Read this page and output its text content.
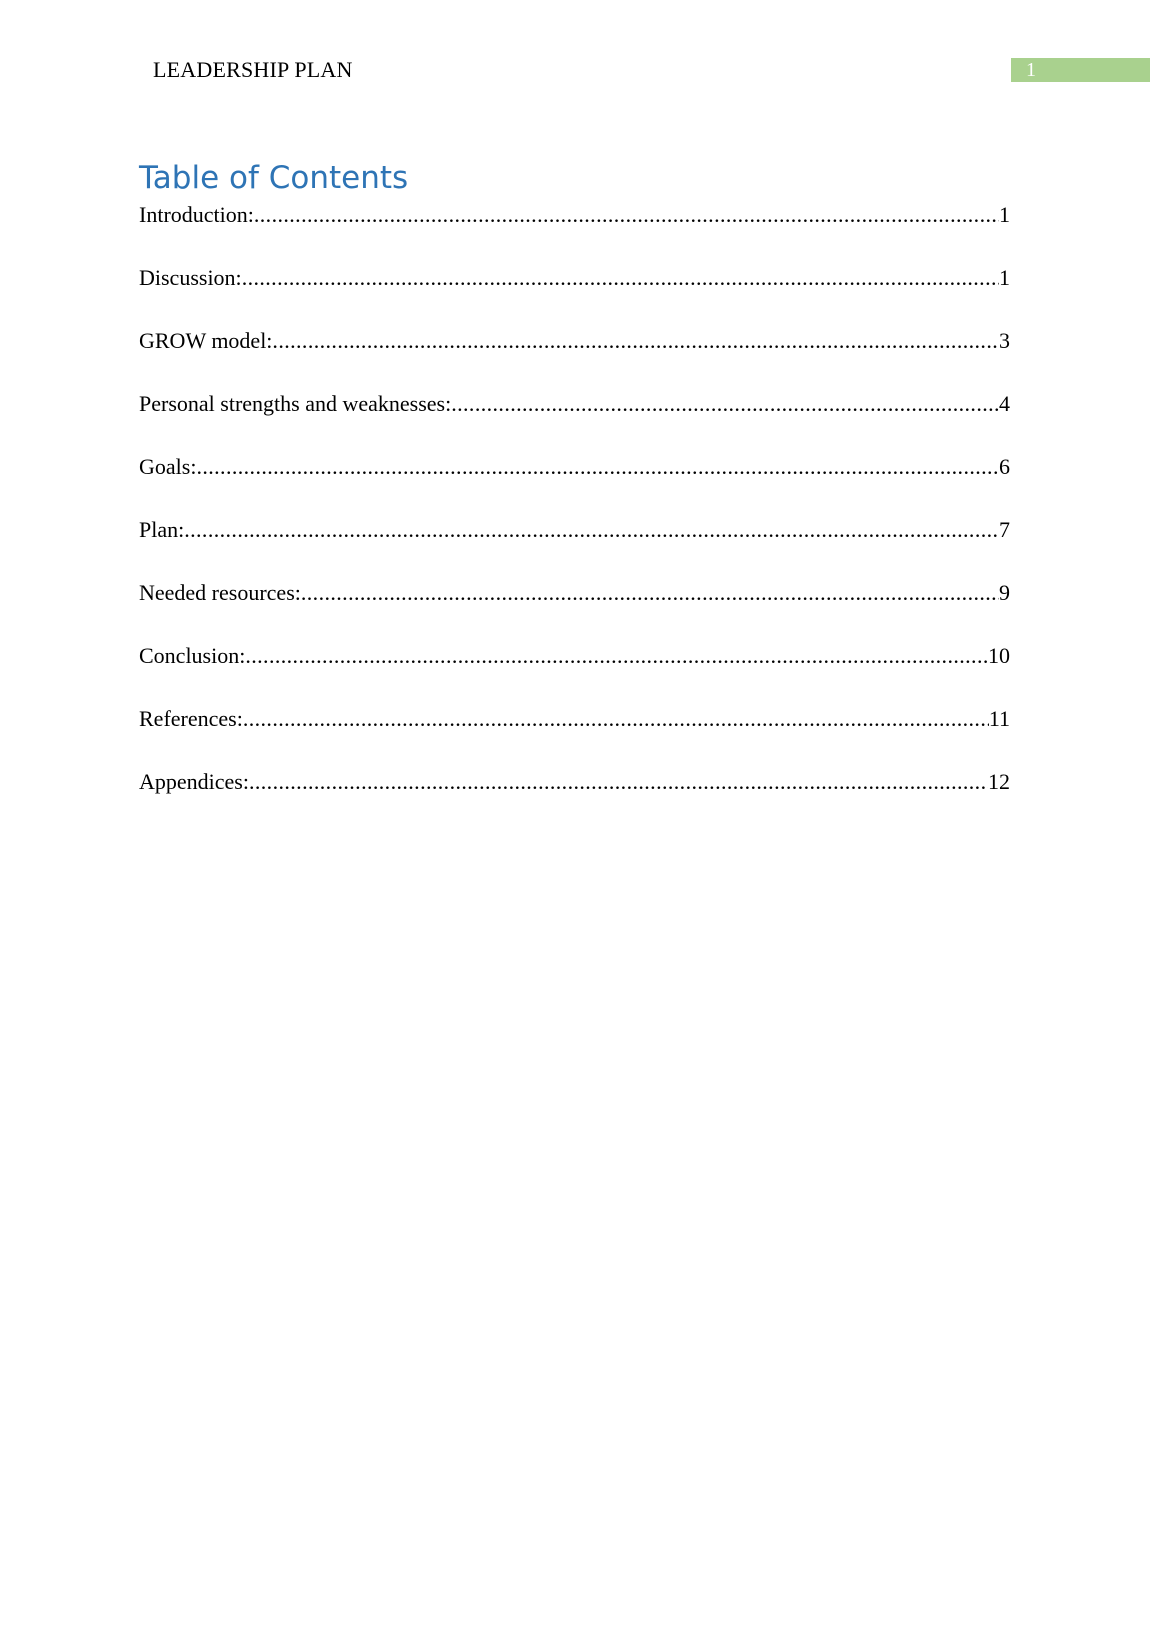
LEADERSHIP PLAN	1
Table of Contents
Introduction: .....	1
Discussion: .....	1
GROW model: .....	3
Personal strengths and weaknesses: .....	4
Goals: .....	6
Plan: .....	7
Needed resources: .....	9
Conclusion: .....	10
References: .....	11
Appendices: .....	12
